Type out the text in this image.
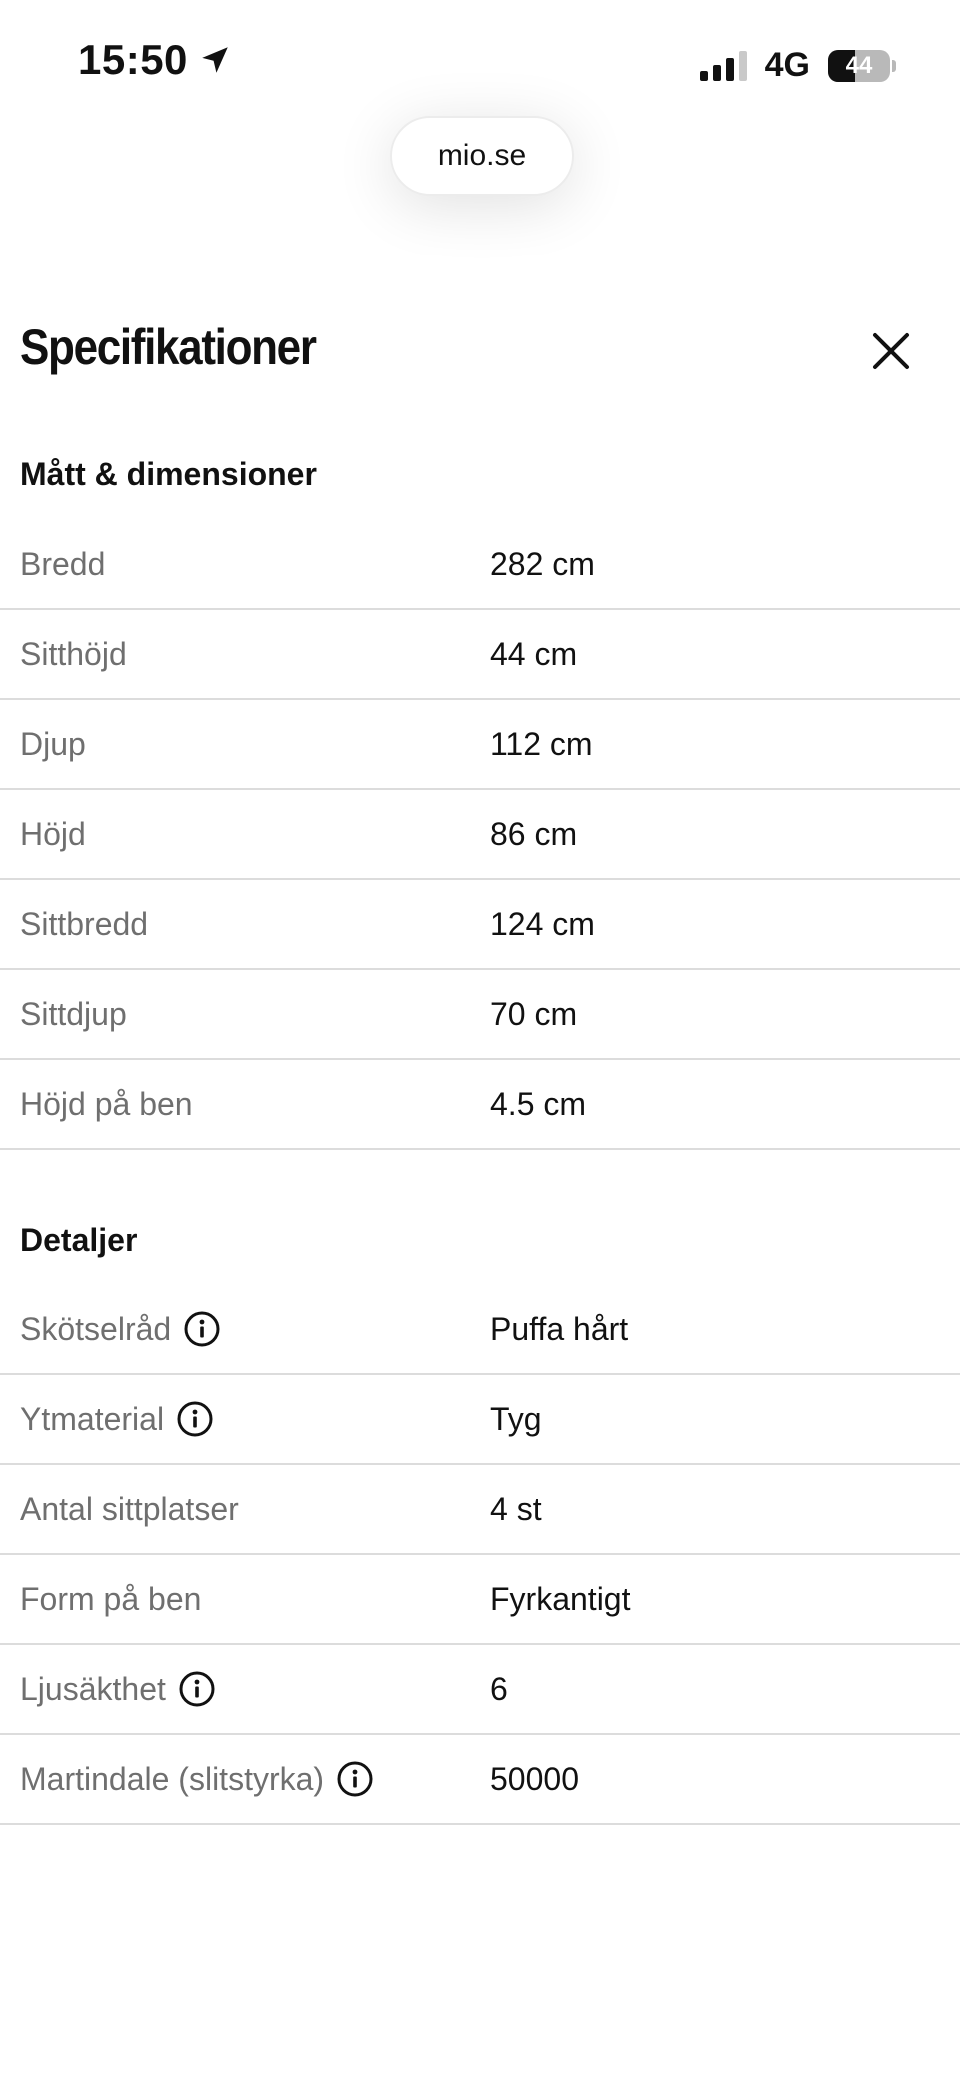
15:50	4G	44
mio.se
Specifikationer
Mått & dimensioner
Bredd	282 cm
Sitthöjd	44 cm
Djup	112 cm
Höjd	86 cm
Sittbredd	124 cm
Sittdjup	70 cm
Höjd på ben	4.5 cm
Detaljer
Skötselråd	Puffa hårt
Ytmaterial	Tyg
Antal sittplatser	4 st
Form på ben	Fyrkantigt
Ljusäkthet	6
Martindale (slitstyrka)	50000
